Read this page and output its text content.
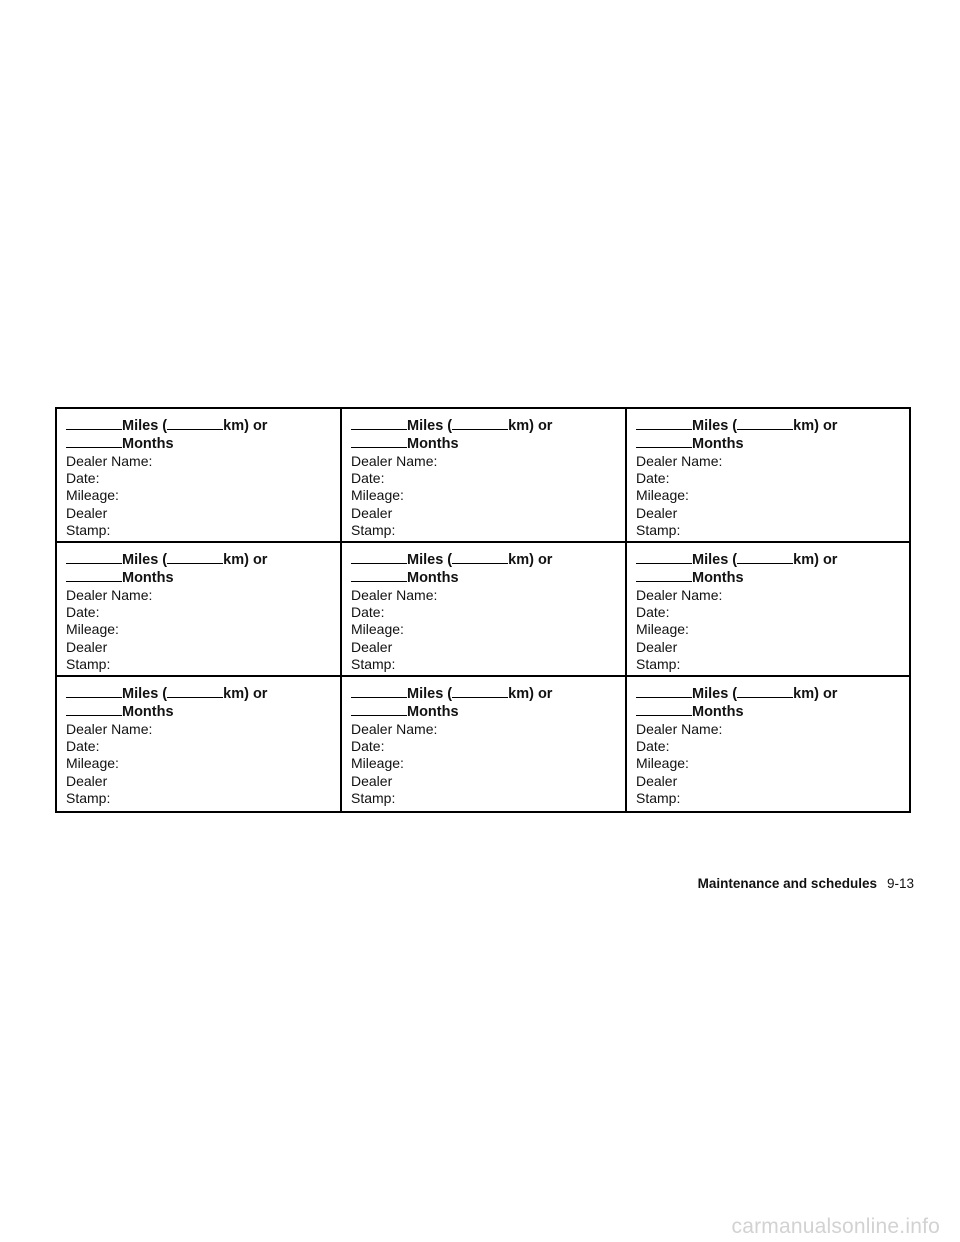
Miles (	km) or
Months
Dealer Name:
Date:
Mileage:
Dealer
Stamp:
Miles (	km) or
Months
Dealer Name:
Date:
Mileage:
Dealer
Stamp:
Miles (	km) or
Months
Dealer Name:
Date:
Mileage:
Dealer
Stamp:
Miles (	km) or
Months
Dealer Name:
Date:
Mileage:
Dealer
Stamp:
Miles (	km) or
Months
Dealer Name:
Date:
Mileage:
Dealer
Stamp:
Miles (	km) or
Months
Dealer Name:
Date:
Mileage:
Dealer
Stamp:
Miles (	km) or
Months
Dealer Name:
Date:
Mileage:
Dealer
Stamp:
Miles (	km) or
Months
Dealer Name:
Date:
Mileage:
Dealer
Stamp:
Miles (	km) or
Months
Dealer Name:
Date:
Mileage:
Dealer
Stamp:
Maintenance and schedules 9-13
carmanualsonline.info
